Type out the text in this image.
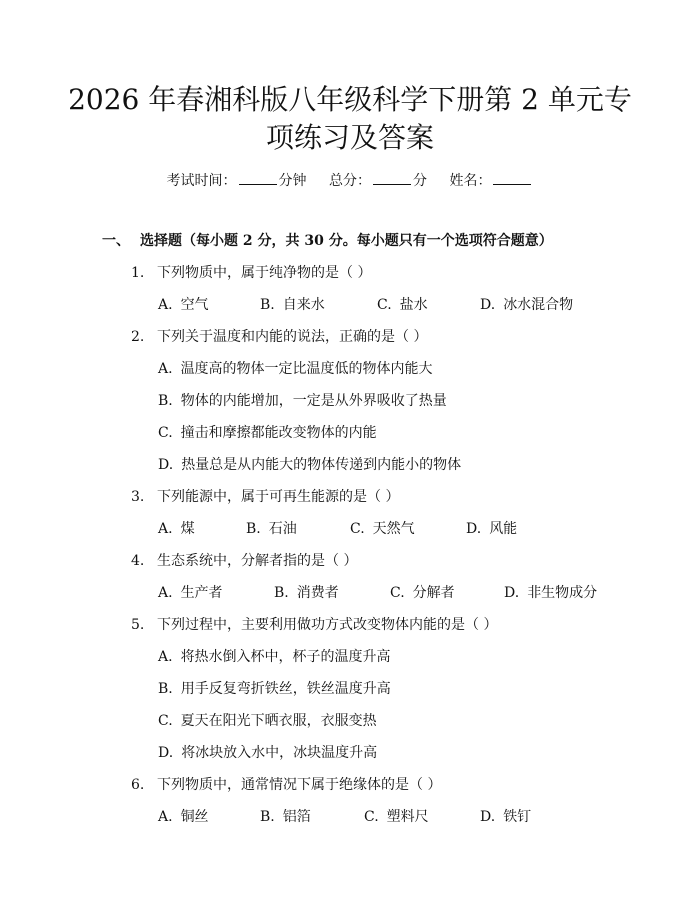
2026 年春湘科版八年级科学下册第 2 单元专
项练习及答案
考试时间：	分钟 总分：	分 姓名：
一、 选择题（每小题 2 分，共 30 分。每小题只有一个选项符合题意）
1. 下列物质中，属于纯净物的是（ ）
A. 空气	B. 自来水	C. 盐水	D. 冰水混合物
2. 下列关于温度和内能的说法，正确的是（ ）
A. 温度高的物体一定比温度低的物体内能大
B. 物体的内能增加，一定是从外界吸收了热量
C. 撞击和摩擦都能改变物体的内能
D. 热量总是从内能大的物体传递到内能小的物体
3. 下列能源中，属于可再生能源的是（ ）
A. 煤	B. 石油	C. 天然气	D. 风能
4. 生态系统中，分解者指的是（ ）
A. 生产者	B. 消费者	C. 分解者	D. 非生物成分
5. 下列过程中，主要利用做功方式改变物体内能的是（ ）
A. 将热水倒入杯中，杯子的温度升高
B. 用手反复弯折铁丝，铁丝温度升高
C. 夏天在阳光下晒衣服，衣服变热
D. 将冰块放入水中，冰块温度升高
6. 下列物质中，通常情况下属于绝缘体的是（ ）
A. 铜丝	B. 铝箔	C. 塑料尺	D. 铁钉
